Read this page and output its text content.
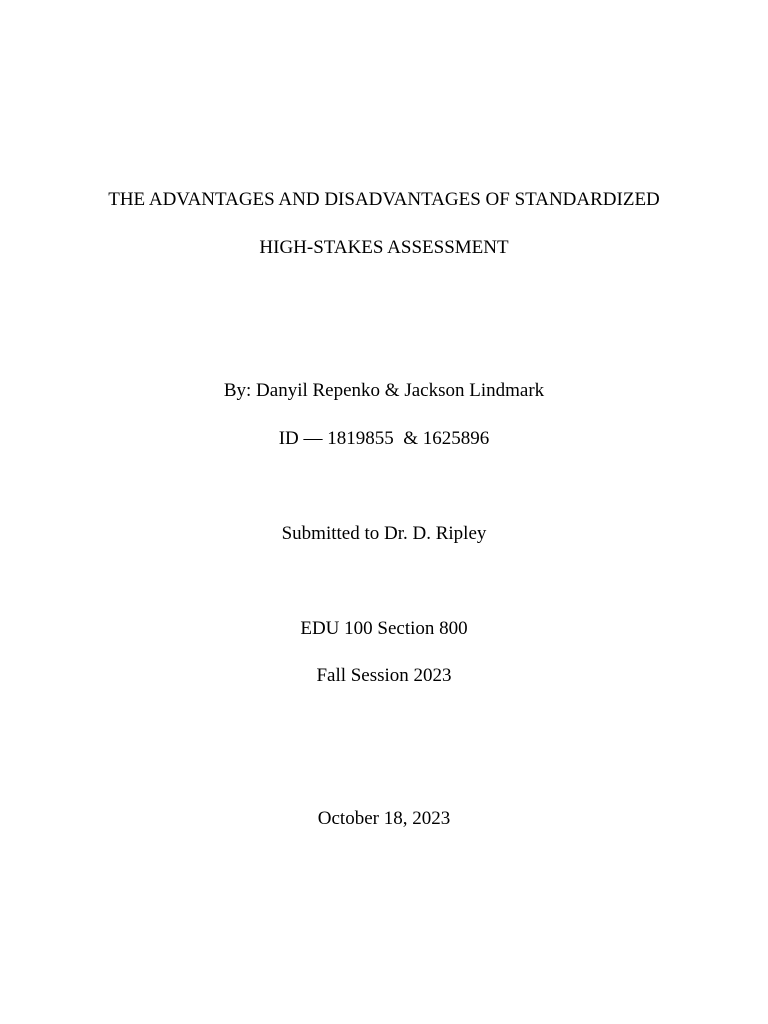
THE ADVANTAGES AND DISADVANTAGES OF STANDARDIZED
HIGH-STAKES ASSESSMENT
By: Danyil Repenko & Jackson Lindmark
ID — 1819855  & 1625896
Submitted to Dr. D. Ripley
EDU 100 Section 800
Fall Session 2023
October 18, 2023
